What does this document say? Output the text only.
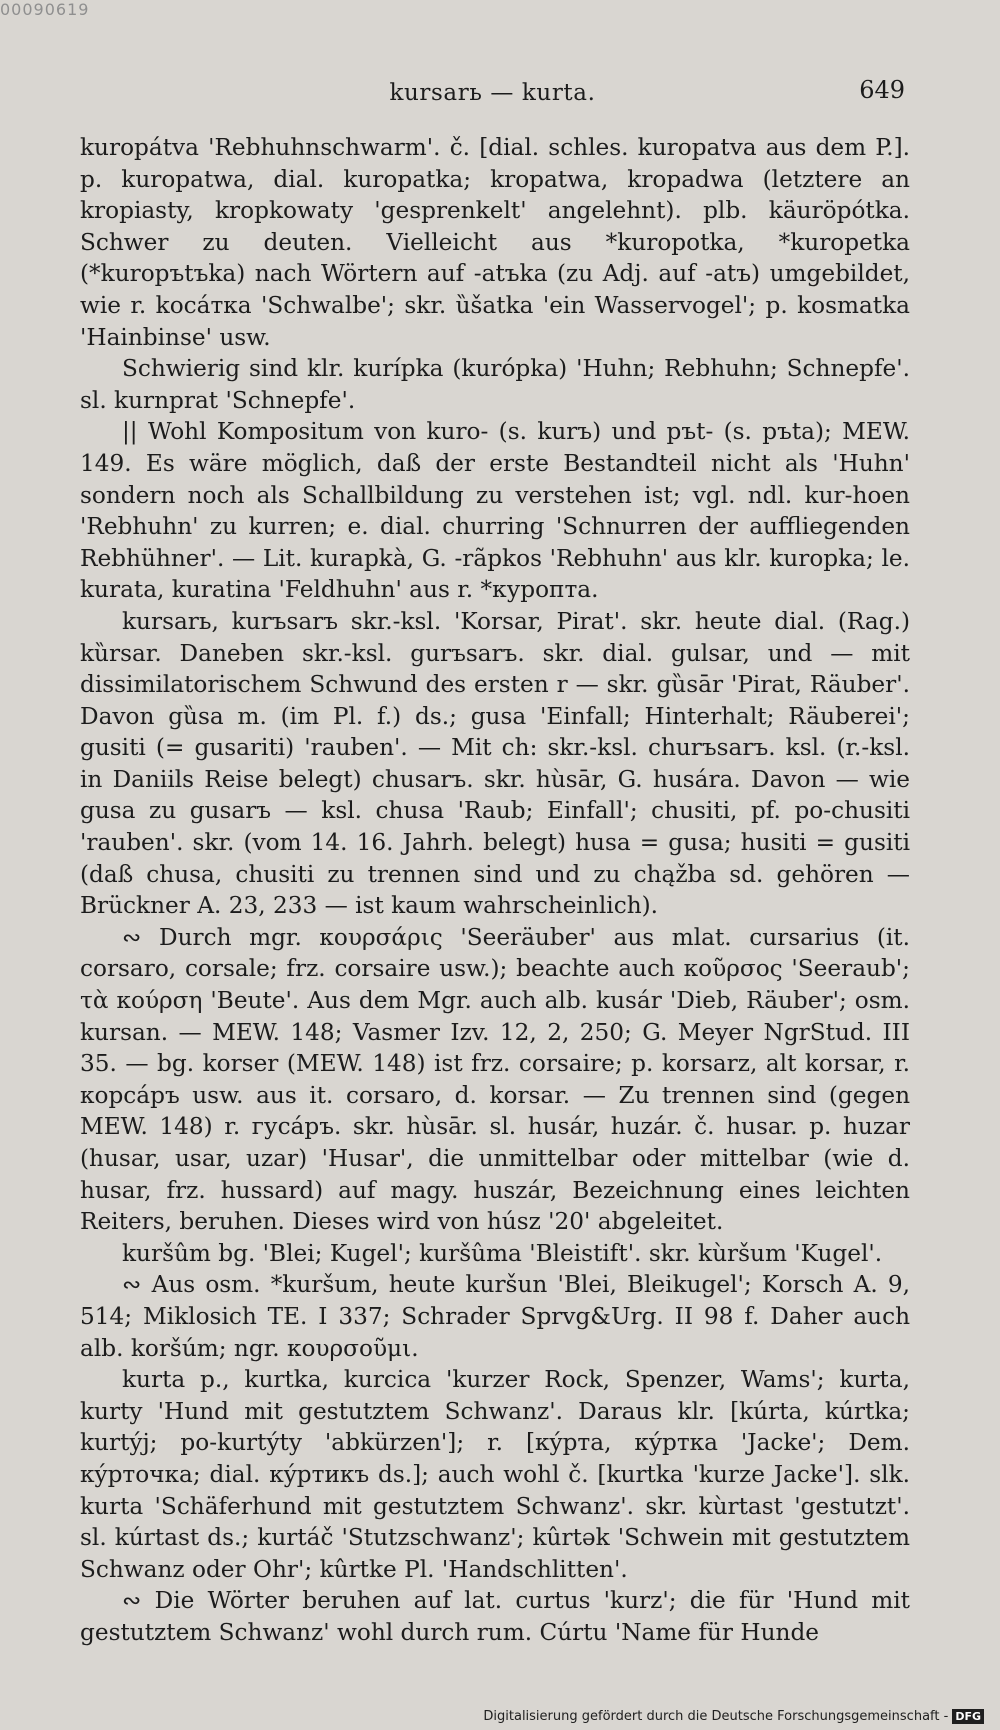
00090619
kursarь — kurta.	649

kuropátva 'Rebhuhnschwarm'. č. [dial. schles. kuropatva aus dem P.]. p. kuropatwa, dial. kuropatka; kropatwa, kropadwa (letztere an kropiasty, kropkowaty 'gesprenkelt' angelehnt). plb. käuröpótka. Schwer zu deuten. Vielleicht aus *kuropotka, *kuropetka (*kuropъtъka) nach Wörtern auf -atъka (zu Adj. auf -atъ) umgebildet, wie r. kocáтка 'Schwalbe'; skr. ȕšatka 'ein Wasservogel'; p. kosmatka 'Hainbinse' usw.

Schwierig sind klr. kurípka (kurópka) 'Huhn; Rebhuhn; Schnepfe'. sl. kurnprat 'Schnepfe'.

|| Wohl Kompositum von kuro- (s. kurъ) und pъt- (s. pъta); MEW. 149. Es wäre möglich, daß der erste Bestandteil nicht als 'Huhn' sondern noch als Schallbildung zu verstehen ist; vgl. ndl. kur-hoen 'Rebhuhn' zu kurren; e. dial. churring 'Schnurren der auffliegenden Rebhühner'. — Lit. kurapkà, G. -rãpkos 'Rebhuhn' aus klr. kuropka; le. kurata, kuratina 'Feldhuhn' aus r. *куропта.

kursarь, kurъsarъ skr.-ksl. 'Korsar, Pirat'. skr. heute dial. (Rag.) kȕrsar. Daneben skr.-ksl. gurъsarъ. skr. dial. gulsar, und — mit dissimilatorischem Schwund des ersten r — skr. gȕsār 'Pirat, Räuber'. Davon gȕsa m. (im Pl. f.) ds.; gusa 'Einfall; Hinterhalt; Räuberei'; gusiti (= gusariti) 'rauben'. — Mit ch: skr.-ksl. churъsarъ. ksl. (r.-ksl. in Daniils Reise belegt) chusarъ. skr. hùsār, G. husára. Davon — wie gusa zu gusarъ — ksl. chusa 'Raub; Einfall'; chusiti, pf. po-chusiti 'rauben'. skr. (vom 14. 16. Jahrh. belegt) husa = gusa; husiti = gusiti (daß chusa, chusiti zu trennen sind und zu chąžba sd. gehören — Brückner A. 23, 233 — ist kaum wahrscheinlich).

∾ Durch mgr. κουρσάρις 'Seeräuber' aus mlat. cursarius (it. corsaro, corsale; frz. corsaire usw.); beachte auch κοῦρσος 'Seeraub'; τὰ κούρση 'Beute'. Aus dem Mgr. auch alb. kusár 'Dieb, Räuber'; osm. kursan. — MEW. 148; Vasmer Izv. 12, 2, 250; G. Meyer NgrStud. III 35. — bg. korser (MEW. 148) ist frz. corsaire; p. korsarz, alt korsar, r. корсáръ usw. aus it. corsaro, d. korsar. — Zu trennen sind (gegen MEW. 148) r. гусáръ. skr. hùsār. sl. husár, huzár. č. husar. p. huzar (husar, usar, uzar) 'Husar', die unmittelbar oder mittelbar (wie d. husar, frz. hussard) auf magy. huszár, Bezeichnung eines leichten Reiters, beruhen. Dieses wird von húsz '20' abgeleitet.

kuršûm bg. 'Blei; Kugel'; kuršûma 'Bleistift'. skr. kùršum 'Kugel'.

∾ Aus osm. *kuršum, heute kuršun 'Blei, Bleikugel'; Korsch A. 9, 514; Miklosich TE. I 337; Schrader Sprvg&Urg. II 98 f. Daher auch alb. koršúm; ngr. κουρσοῦμι.

kurta p., kurtka, kurcica 'kurzer Rock, Spenzer, Wams'; kurta, kurty 'Hund mit gestutztem Schwanz'. Daraus klr. [kúrta, kúrtka; kurtýj; po-kurtýty 'abkürzen']; r. [кýрта, кýртка 'Jacke'; Dem. кýрточка; dial. кýртикъ ds.]; auch wohl č. [kurtka 'kurze Jacke']. slk. kurta 'Schäferhund mit gestutztem Schwanz'. skr. kùrtast 'gestutzt'. sl. kúrtast ds.; kurtáč 'Stutzschwanz'; kûrtək 'Schwein mit gestutztem Schwanz oder Ohr'; kûrtke Pl. 'Handschlitten'.

∾ Die Wörter beruhen auf lat. curtus 'kurz'; die für 'Hund mit gestutztem Schwanz' wohl durch rum. Cúrtu 'Name für Hunde

Digitalisierung gefördert durch die Deutsche Forschungsgemeinschaft - DFG
